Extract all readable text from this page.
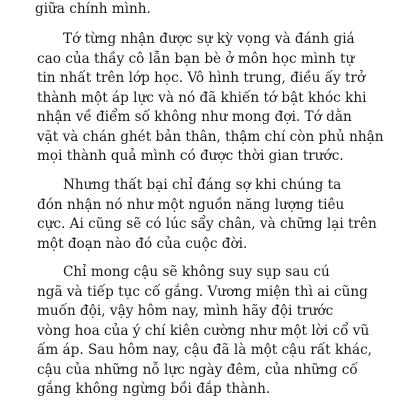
giữa chính mình.
Tớ từng nhận được sự kỳ vọng và đánh giá
cao của thầy cô lẫn bạn bè ở môn học mình tự
tin nhất trên lớp học. Vô hình trung, điều ấy trở
thành một áp lực và nó đã khiến tớ bật khóc khi
nhận về điểm số không như mong đợi. Tớ dằn
vặt và chán ghét bản thân, thậm chí còn phủ nhận
mọi thành quả mình có được thời gian trước.
Nhưng thất bại chỉ đáng sợ khi chúng ta
đón nhận nó như một nguồn năng lượng tiêu
cực. Ai cũng sẽ có lúc sẩy chân, và chững lại trên
một đoạn nào đó của cuộc đời.
Chỉ mong cậu sẽ không suy sụp sau cú
ngã và tiếp tục cố gắng. Vương miện thì ai cũng
muốn đội, vậy hôm nay, mình hãy đội trước
vòng hoa của ý chí kiên cường như một lời cổ vũ
ấm áp. Sau hôm nay, cậu đã là một cậu rất khác,
cậu của những nỗ lực ngày đêm, của những cố
gắng không ngừng bồi đắp thành.
